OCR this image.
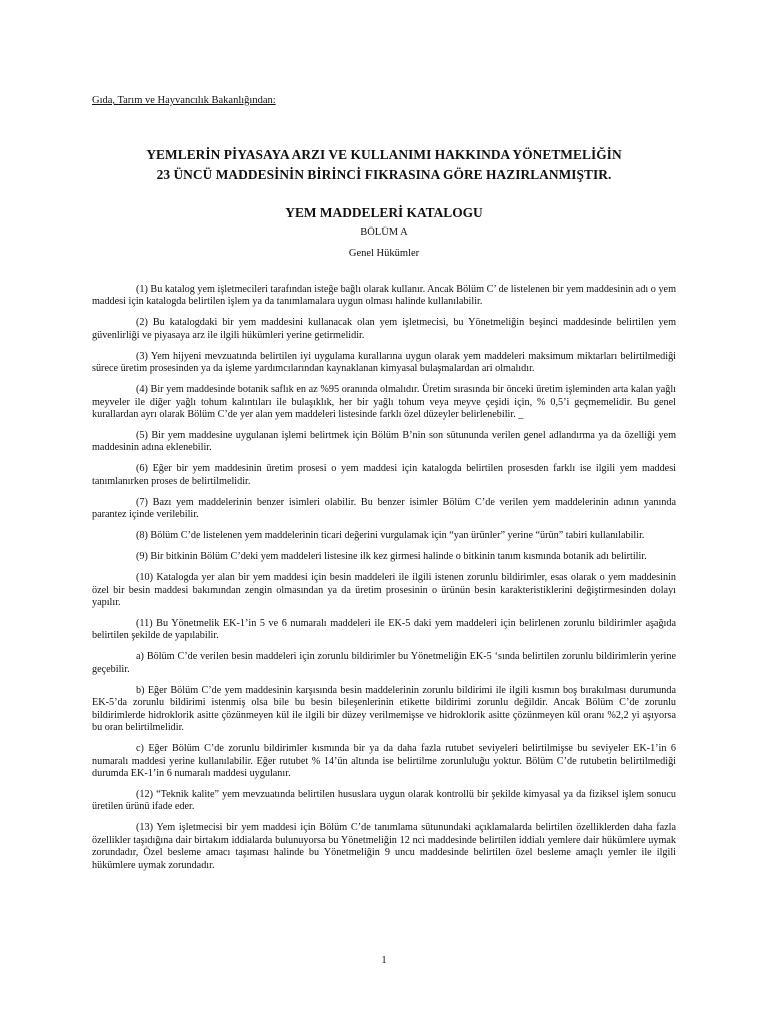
Gıda, Tarım ve Hayvancılık Bakanlığından:

YEMLERİN PİYASAYA ARZI VE KULLANIMI HAKKINDA YÖNETMELİĞİN
23 ÜNCÜ MADDESİNİN BİRİNCİ FIKRASINA GÖRE HAZIRLANMIŞTIR.
YEM MADDELERİ KATALOGU
BÖLÜM A
Genel Hükümler

(1) Bu katalog yem işletmecileri tarafından isteğe bağlı olarak kullanır. Ancak Bölüm C’ de listelenen bir yem maddesinin adı o yem maddesi için katalogda belirtilen işlem ya da tanımlamalara uygun olması halinde kullanılabilir.

(2) Bu katalogdaki bir yem maddesini kullanacak olan yem işletmecisi, bu Yönetmeliğin beşinci maddesinde belirtilen yem güvenlirliği ve piyasaya arz ile ilgili hükümleri yerine getirmelidir.

(3) Yem hijyeni mevzuatında belirtilen iyi uygulama kurallarına uygun olarak yem maddeleri maksimum miktarları belirtilmediği sürece üretim prosesinden ya da işleme yardımcılarından kaynaklanan kimyasal bulaşmalardan ari olmalıdır.

(4) Bir yem maddesinde botanik saflık en az %95 oranında olmalıdır. Üretim sırasında bir önceki üretim işleminden arta kalan yağlı meyveler ile diğer yağlı tohum kalıntıları ile bulaşıklık, her bir yağlı tohum veya meyve çeşidi için, % 0,5’i geçmemelidir. Bu genel kurallardan ayrı olarak Bölüm C’de yer alan yem maddeleri listesinde farklı özel düzeyler belirlenebilir. _

(5) Bir yem maddesine uygulanan işlemi belirtmek için Bölüm B’nin son sütununda verilen genel adlandırma ya da özelliği yem maddesinin adına eklenebilir.

(6) Eğer bir yem maddesinin üretim prosesi o yem maddesi için katalogda belirtilen prosesden farklı ise ilgili yem maddesi tanımlanırken proses de belirtilmelidir.

(7) Bazı yem maddelerinin benzer isimleri olabilir. Bu benzer isimler Bölüm C’de verilen yem maddelerinin adının yanında parantez içinde verilebilir.

(8) Bölüm C’de listelenen yem maddelerinin ticari değerini vurgulamak için “yan ürünler” yerine “ürün” tabiri kullanılabilir.

(9) Bir bitkinin Bölüm C’deki yem maddeleri listesine ilk kez girmesi halinde o bitkinin tanım kısmında botanik adı belirtilir.

(10) Katalogda yer alan bir yem maddesi için besin maddeleri ile ilgili istenen zorunlu bildirimler, esas olarak o yem maddesinin özel bir besin maddesi bakımından zengin olmasından ya da üretim prosesinin o ürünün besin karakteristiklerini değiştirmesinden dolayı yapılır.

(11) Bu Yönetmelik EK-1’in 5 ve 6 numaralı maddeleri ile EK-5 daki yem maddeleri için belirlenen zorunlu bildirimler aşağıda belirtilen şekilde de yapılabilir.

a) Bölüm C’de verilen besin maddeleri için zorunlu bildirimler bu Yönetmeliğin EK-5 ‘sında belirtilen zorunlu bildirimlerin yerine geçebilir.

b) Eğer Bölüm C’de yem maddesinin karşısında besin maddelerinin zorunlu bildirimi ile ilgili kısmın boş bırakılması durumunda EK-5’da zorunlu bildirimi istenmiş olsa bile bu besin bileşenlerinin etikette bildirimi zorunlu değildir. Ancak Bölüm C’de zorunlu bildirimlerde hidroklorik asitte çözünmeyen kül ile ilgili bir düzey verilmemişse ve hidroklorik asitte çözünmeyen kül oranı %2,2 yi aşıyorsa bu oran belirtilmelidir.

c) Eğer Bölüm C’de zorunlu bildirimler kısmında bir ya da daha fazla rutubet seviyeleri belirtilmişse bu seviyeler EK-1’in 6 numaralı maddesi yerine kullanılabilir. Eğer rutubet % 14’ün altında ise belirtilme zorunluluğu yoktur. Bölüm C’de rutubetin belirtilmediği durumda EK-1’in 6 numaralı maddesi uygulanır.

(12) “Teknik kalite” yem mevzuatında belirtilen hususlara uygun olarak kontrollü bir şekilde kimyasal ya da fiziksel işlem sonucu üretilen ürünü ifade eder.

(13) Yem işletmecisi bir yem maddesi için Bölüm C’de tanımlama sütunundaki açıklamalarda belirtilen özelliklerden daha fazla özellikler taşıdığına dair birtakım iddialarda bulunuyorsa bu Yönetmeliğin 12 nci maddesinde belirtilen iddialı yemlere dair hükümlere uymak zorundadır, Özel besleme amacı taşıması halinde bu Yönetmeliğin 9 uncu maddesinde belirtilen özel besleme amaçlı yemler ile ilgili hükümlere uymak zorundadır.

1
